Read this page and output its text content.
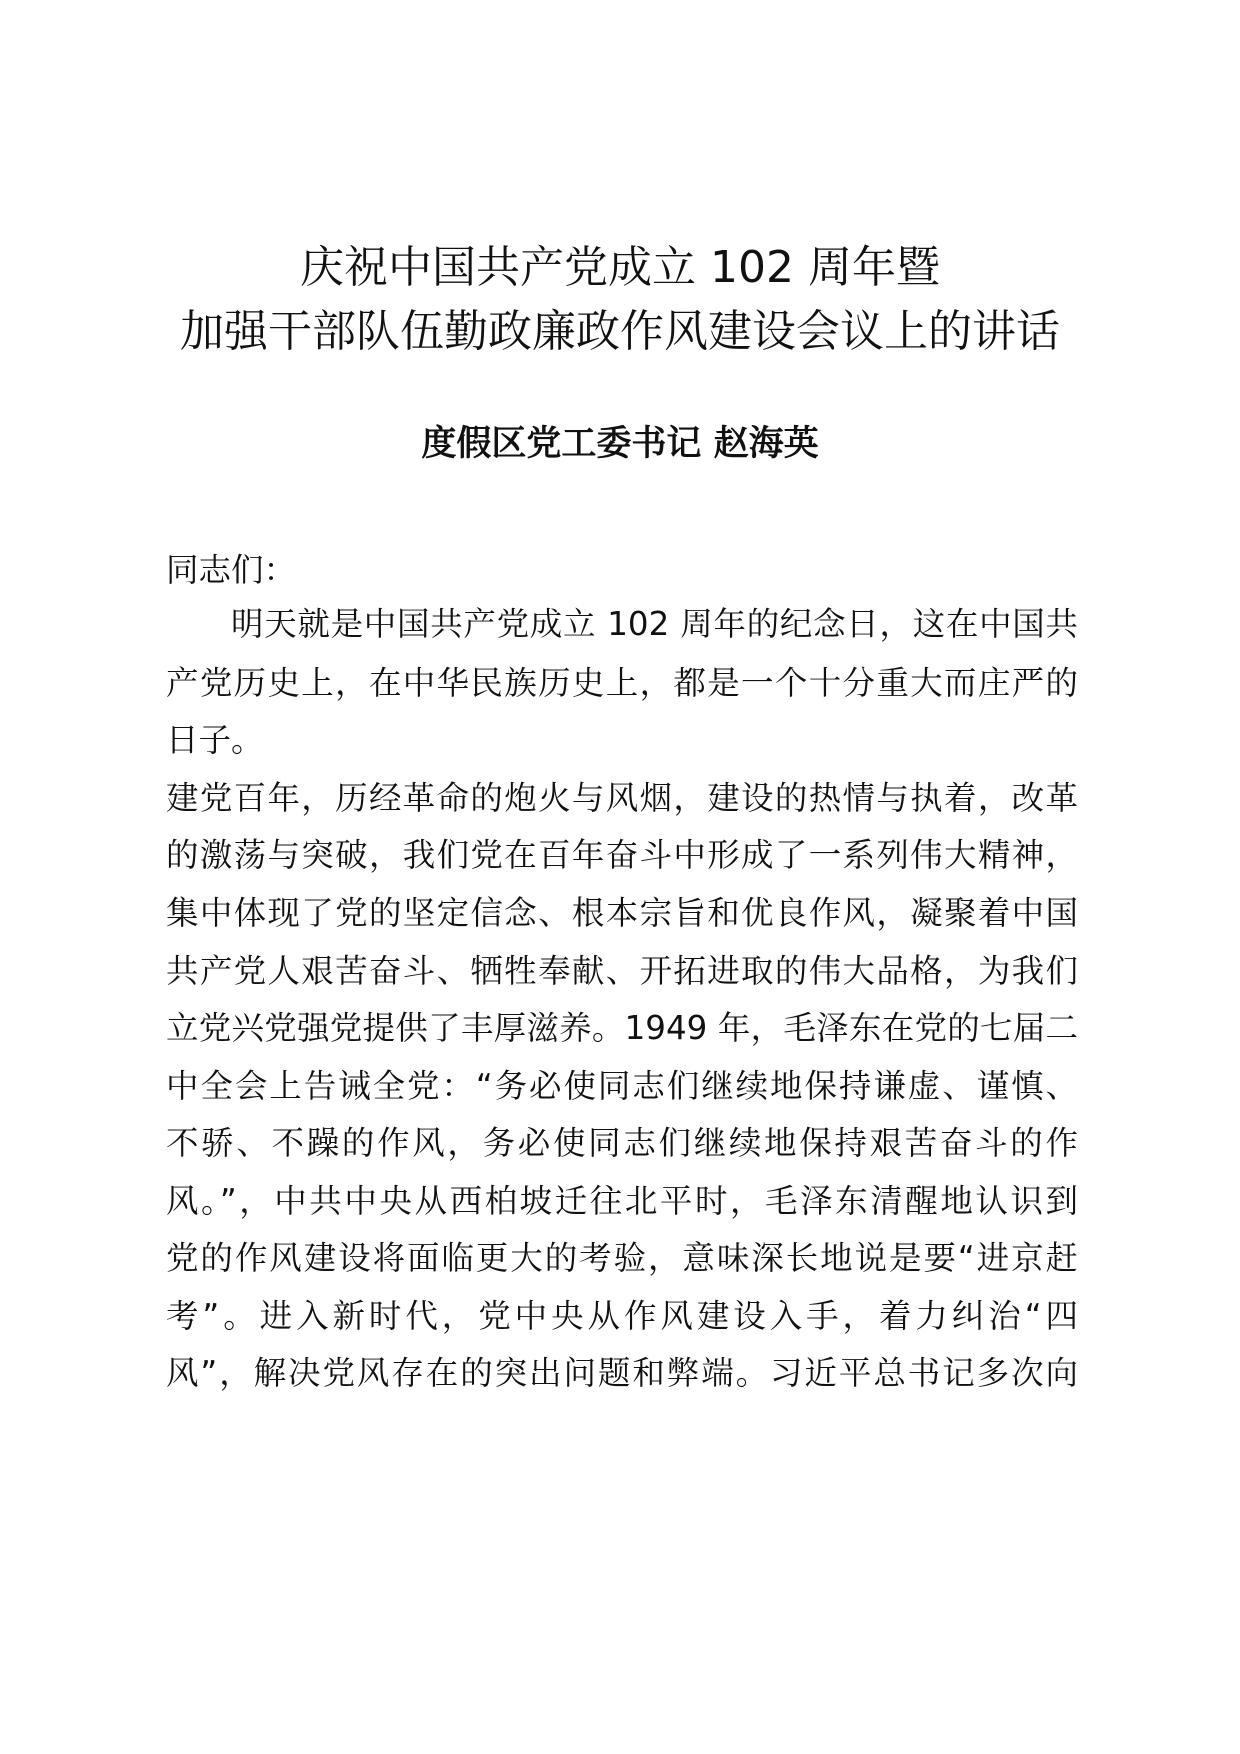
庆祝中国共产党成立 102 周年暨
加强干部队伍勤政廉政作风建设会议上的讲话
度假区党工委书记 赵海英

同志们：

明天就是中国共产党成立 102 周年的纪念日，这在中国共

产党历史上，在中华民族历史上，都是一个十分重大而庄严的

日子。

建党百年，历经革命的炮火与风烟，建设的热情与执着，改革

的激荡与突破，我们党在百年奋斗中形成了一系列伟大精神，

集中体现了党的坚定信念、根本宗旨和优良作风，凝聚着中国

共产党人艰苦奋斗、牺牲奉献、开拓进取的伟大品格，为我们

立党兴党强党提供了丰厚滋养。1949 年，毛泽东在党的七届二

中全会上告诫全党：“务必使同志们继续地保持谦虚、谨慎、

不骄、不躁的作风，务必使同志们继续地保持艰苦奋斗的作

风。”，中共中央从西柏坡迁往北平时，毛泽东清醒地认识到

党的作风建设将面临更大的考验，意味深长地说是要“进京赶

考”。进入新时代，党中央从作风建设入手，着力纠治“四

风”，解决党风存在的突出问题和弊端。习近平总书记多次向
